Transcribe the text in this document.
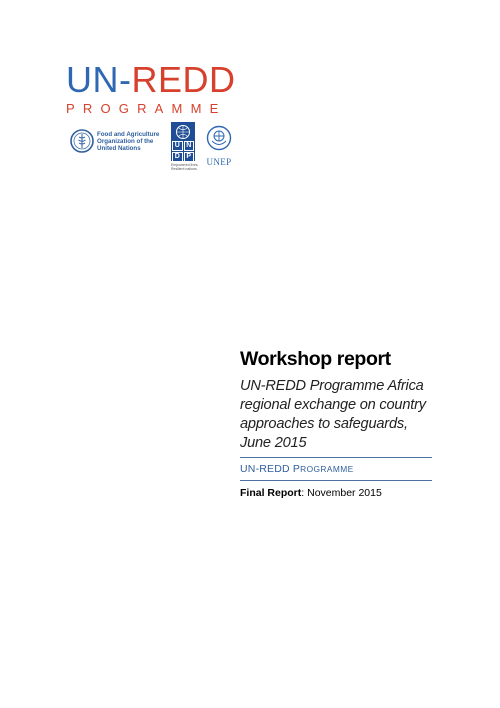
UN-REDD
PROGRAMME
Food and Agriculture
Organization of the
United Nations	U N
D P
Empowered lives.
Resilient nations.
UNEP
Workshop report
UN-REDD Programme Africa regional exchange on country approaches to safeguards, June 2015
UN-REDD PROGRAMME
Final Report: November 2015
